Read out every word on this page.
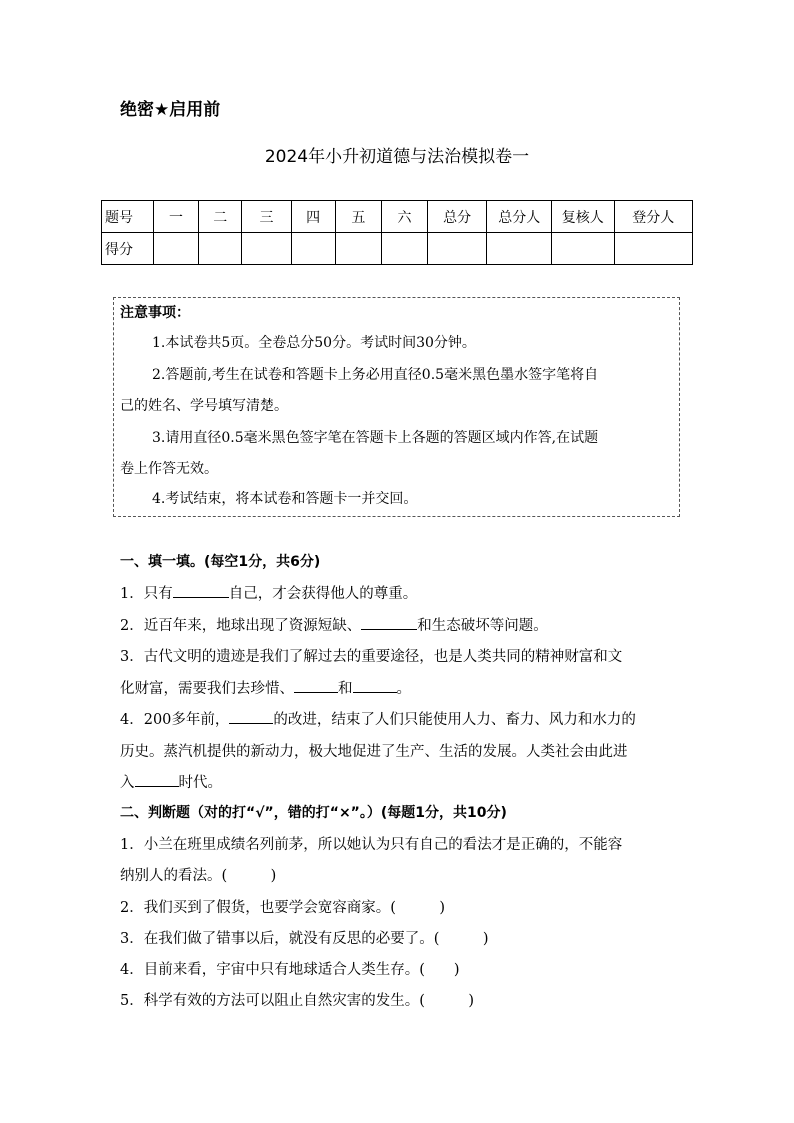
绝密★启用前
2024年小升初道德与法治模拟卷一
题号	一	二	三	四	五	六	总分	总分人	复核人	登分人
得分										
注意事项：
1.本试卷共5页。全卷总分50分。考试时间30分钟。
2.答题前,考生在试卷和答题卡上务必用直径0.5毫米黑色墨水签字笔将自
己的姓名、学号填写清楚。
3.请用直径0.5毫米黑色签字笔在答题卡上各题的答题区域内作答,在试题
卷上作答无效。
4.考试结束，将本试卷和答题卡一并交回。
一、填一填。(每空1分，共6分)
1．只有	自己，才会获得他人的尊重。
2．近百年来，地球出现了资源短缺、	和生态破坏等问题。
3．古代文明的遗迹是我们了解过去的重要途径，也是人类共同的精神财富和文
化财富，需要我们去珍惜、	和	。
4．200多年前，	的改进，结束了人们只能使用人力、畜力、风力和水力的
历史。蒸汽机提供的新动力，极大地促进了生产、生活的发展。人类社会由此进
入	时代。
二、判断题（对的打“√”，错的打“×”。）(每题1分，共10分)
1．小兰在班里成绩名列前茅，所以她认为只有自己的看法才是正确的，不能容
纳别人的看法。(　　　)
2．我们买到了假货，也要学会宽容商家。(　　　)
3．在我们做了错事以后，就没有反思的必要了。(　　　)
4．目前来看，宇宙中只有地球适合人类生存。(　　)
5．科学有效的方法可以阻止自然灾害的发生。(　　　)
